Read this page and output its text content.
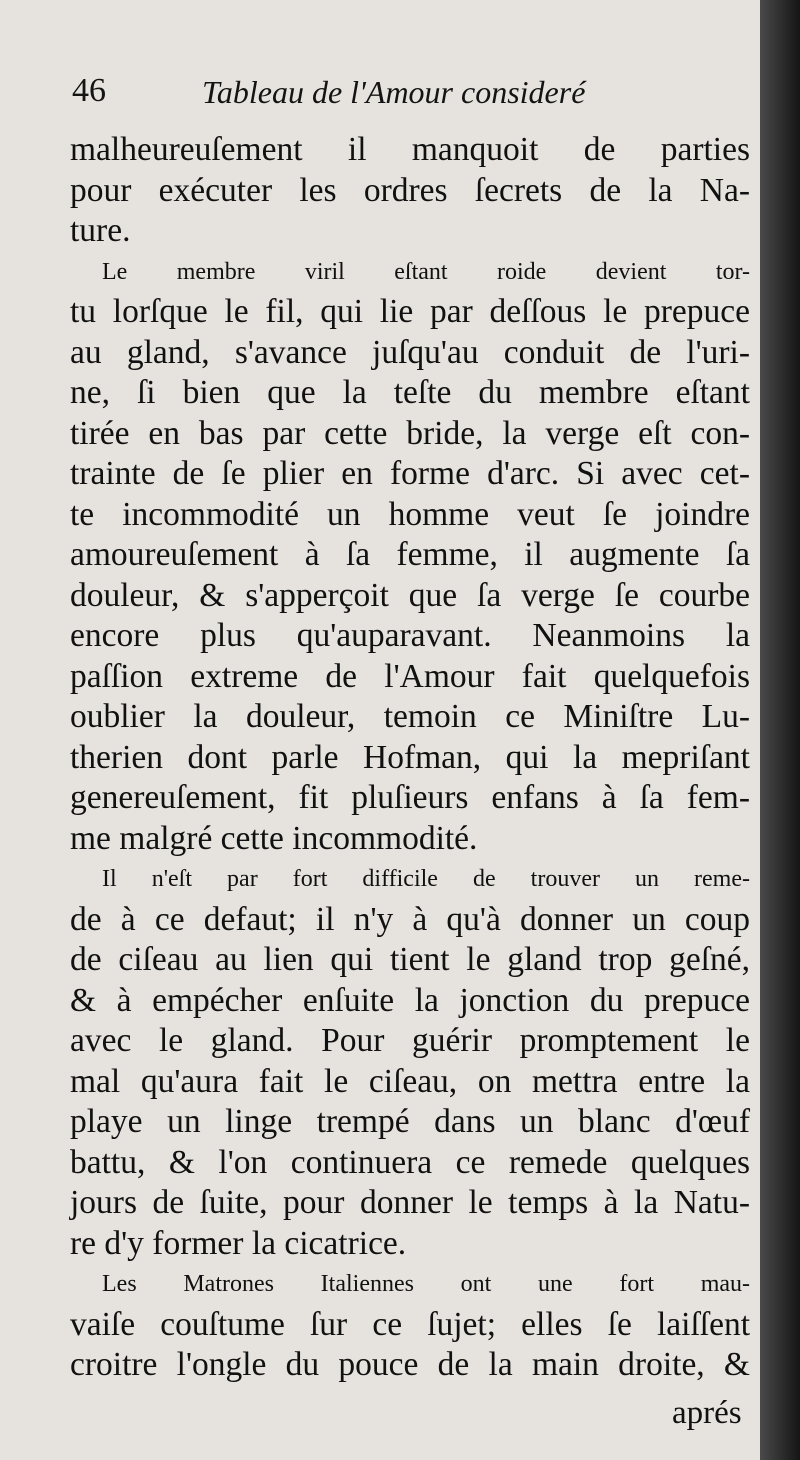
46	Tableau de l'Amour consideré
malheureuſement il manquoit de parties
pour exécuter les ordres ſecrets de la Na-
ture.
Le membre viril eſtant roide devient tor-
tu lorſque le fil, qui lie par deſſous le prepuce
au gland, s'avance juſqu'au conduit de l'uri-
ne, ſi bien que la teſte du membre eſtant
tirée en bas par cette bride, la verge eſt con-
trainte de ſe plier en forme d'arc. Si avec cet-
te incommodité un homme veut ſe joindre
amoureuſement à ſa femme, il augmente ſa
douleur, & s'apperçoit que ſa verge ſe courbe
encore plus qu'auparavant. Neanmoins la
paſſion extreme de l'Amour fait quelquefois
oublier la douleur, temoin ce Miniſtre Lu-
therien dont parle Hofman, qui la mepriſant
genereuſement, fit pluſieurs enfans à ſa fem-
me malgré cette incommodité.
Il n'eſt par fort difficile de trouver un reme-
de à ce defaut; il n'y à qu'à donner un coup
de ciſeau au lien qui tient le gland trop geſné,
& à empécher enſuite la jonction du prepuce
avec le gland. Pour guérir promptement le
mal qu'aura fait le ciſeau, on mettra entre la
playe un linge trempé dans un blanc d'œuf
battu, & l'on continuera ce remede quelques
jours de ſuite, pour donner le temps à la Natu-
re d'y former la cicatrice.
Les Matrones Italiennes ont une fort mau-
vaiſe couſtume ſur ce ſujet; elles ſe laiſſent
croitre l'ongle du pouce de la main droite, &
aprés
